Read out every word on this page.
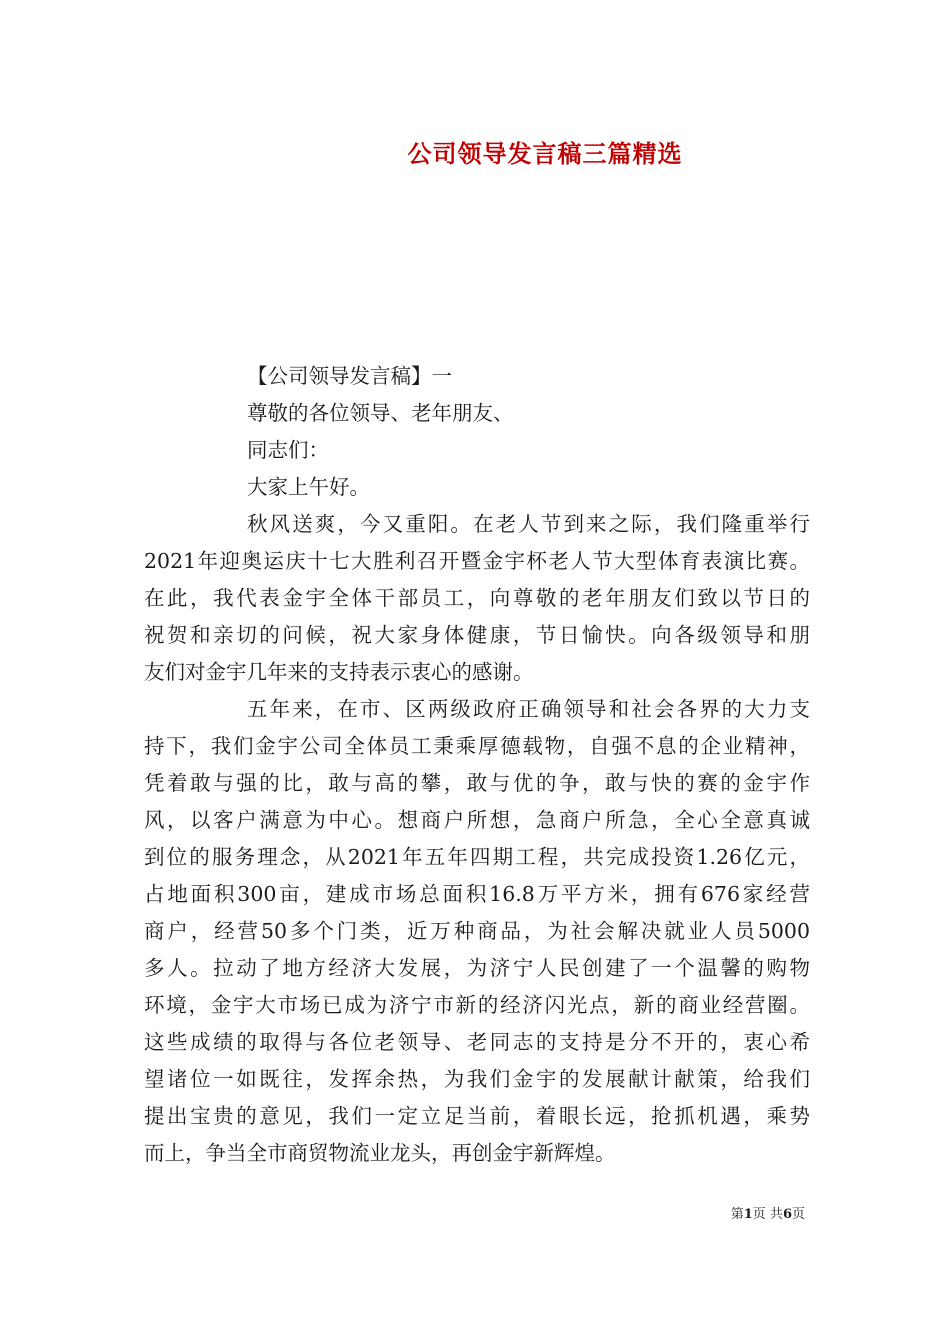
公司领导发言稿三篇精选
【公司领导发言稿】一
尊敬的各位领导、老年朋友、
同志们：
大家上午好。
秋风送爽，今又重阳。在老人节到来之际，我们隆重举行
2021年迎奥运庆十七大胜利召开暨金宇杯老人节大型体育表演比赛。
在此，我代表金宇全体干部员工，向尊敬的老年朋友们致以节日的
祝贺和亲切的问候，祝大家身体健康，节日愉快。向各级领导和朋
友们对金宇几年来的支持表示衷心的感谢。
五年来，在市、区两级政府正确领导和社会各界的大力支
持下，我们金宇公司全体员工秉乘厚德载物，自强不息的企业精神，
凭着敢与强的比，敢与高的攀，敢与优的争，敢与快的赛的金宇作
风，以客户满意为中心。想商户所想，急商户所急，全心全意真诚
到位的服务理念，从2021年五年四期工程，共完成投资1.26亿元，
占地面积300亩，建成市场总面积16.8万平方米，拥有676家经营
商户，经营50多个门类，近万种商品，为社会解决就业人员5000
多人。拉动了地方经济大发展，为济宁人民创建了一个温馨的购物
环境，金宇大市场已成为济宁市新的经济闪光点，新的商业经营圈。
这些成绩的取得与各位老领导、老同志的支持是分不开的，衷心希
望诸位一如既往，发挥余热，为我们金宇的发展献计献策，给我们
提出宝贵的意见，我们一定立足当前，着眼长远，抢抓机遇，乘势
而上，争当全市商贸物流业龙头，再创金宇新辉煌。
第1页 共6页
